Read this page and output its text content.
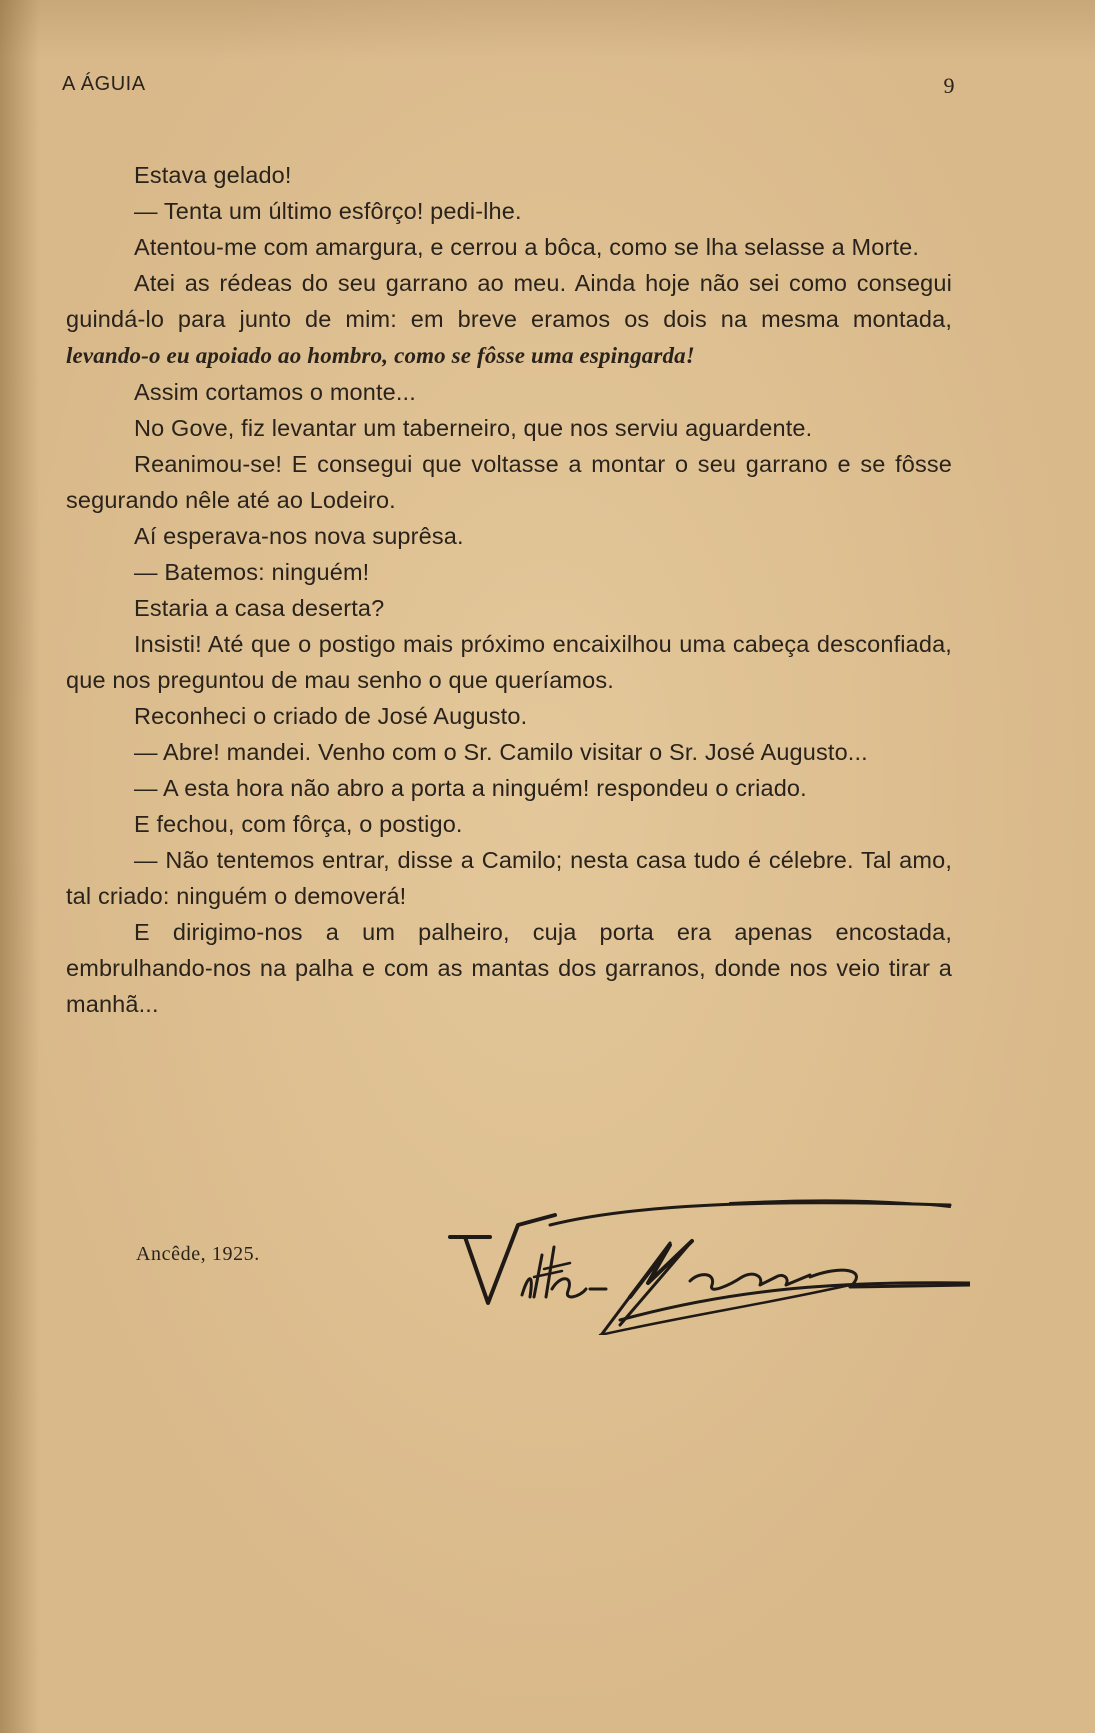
A ÁGUIA	9

Estava gelado!

— Tenta um último esfôrço! pedi-lhe.

Atentou-me com amargura, e cerrou a bôca, como se lha selasse a Morte.

Atei as rédeas do seu garrano ao meu. Ainda hoje não sei como consegui guindá-lo para junto de mim: em breve eramos os dois na mesma montada, levando-o eu apoiado ao hombro, como se fôsse uma espingarda!

Assim cortamos o monte...

No Gove, fiz levantar um taberneiro, que nos serviu aguardente.

Reanimou-se! E consegui que voltasse a montar o seu garrano e se fôsse segurando nêle até ao Lodeiro.

Aí esperava-nos nova suprêsa.

— Batemos: ninguém!

Estaria a casa deserta?

Insisti! Até que o postigo mais próximo encaixilhou uma cabeça desconfiada, que nos preguntou de mau senho o que queríamos.

Reconheci o criado de José Augusto.

— Abre! mandei. Venho com o Sr. Camilo visitar o Sr. José Augusto...

— A esta hora não abro a porta a ninguém! respondeu o criado.

E fechou, com fôrça, o postigo.

— Não tentemos entrar, disse a Camilo; nesta casa tudo é célebre. Tal amo, tal criado: ninguém o demoverá!

E dirigimo-nos a um palheiro, cuja porta era apenas encostada, embrulhando-nos na palha e com as mantas dos garranos, donde nos veio tirar a manhã...

Ancêde, 1925.
